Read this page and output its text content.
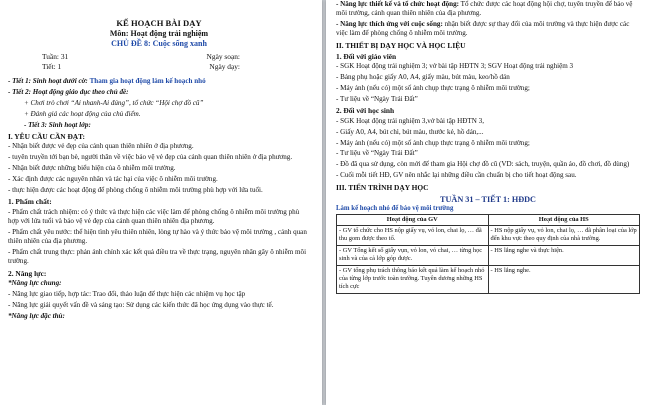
KẾ HOẠCH BÀI DẠY
Môn: Hoạt động trải nghiệm
CHỦ ĐỀ 8: Cuộc sống xanh
Tuần: 31	Ngày soạn:
Tiết: 1	Ngày dạy:

- Tiết 1: Sinh hoạt dưới cờ: Tham gia hoạt động làm kế hoạch nhỏ

- Tiết 2: Hoạt động giáo dục theo chủ đề:

+ Chơi trò chơi “Ai nhanh-Ai đúng”, tổ chức “Hội chợ đồ cũ”

+ Đánh giá các hoạt động của chủ điểm.

- Tiết 3: Sinh hoạt lớp:

I. YÊU CẦU CẦN ĐẠT:

- Nhận biết được vẻ đẹp của cảnh quan thiên nhiên ở địa phương.

- tuyên truyền tới bạn bè, người thân về việc bảo vệ vẻ đẹp của cảnh quan thiên nhiên ở địa phương.

- Nhận biết được những biểu hiện của ô nhiễm môi trường.

- Xác định được các nguyên nhân và tác hại của việc ô nhiễm môi trường.

- thực hiện được các hoạt động để phòng chống ô nhiễm môi trường phù hợp với lứa tuổi.

1. Phẩm chất:

- Phẩm chất trách nhiệm: có ý thức và thực hiện các việc làm để phòng chống ô nhiễm môi trường phù hợp với lứa tuổi và bảo vệ vẻ đẹp của cảnh quan thiên nhiên địa phương.

- Phẩm chất yêu nước: thể hiện tình yêu thiên nhiên, lòng tự hào và ý thức bảo vệ môi trường , cảnh quan thiên nhiên của địa phương.

- Phẩm chất trung thực: phản ánh chính xác kết quả điều tra về thực trạng, nguyên nhân gây ô nhiễm môi trường.

2. Năng lực:

*Năng lực chung:

- Năng lực giao tiếp, hợp tác: Trao đổi, thảo luận để thực hiện các nhiệm vụ học tập

- Năng lực giải quyết vấn đề và sáng tạo: Sử dụng các kiến thức đã học ứng dụng vào thực tế.

*Năng lực đặc thù:

- Năng lực thiết kế và tổ chức hoạt động: Tổ chức được các hoạt động hội chợ, tuyên truyền để bảo vệ môi trường, cảnh quan thiên nhiên của địa phương.

- Năng lực thích ứng với cuộc sống: nhận biết được sự thay đổi của môi trường và thực hiện được các việc làm để phòng chống ô nhiễm môi trường.

II. THIẾT BỊ DẠY HỌC VÀ HỌC LIỆU
1. Đối với giáo viên

- SGK Hoạt động trải nghiệm 3; vở bài tập HĐTN 3; SGV Hoạt động trải nghiệm 3

- Bảng phụ hoặc giấy A0, A4, giấy màu, bút màu, keo/hồ dán

- Máy ảnh (nếu có) một số ảnh chụp thực trạng ô nhiễm môi trường;

- Tư liệu về “Ngày Trái Đất”

2. Đối với học sinh

- SGK Hoạt động trải nghiệm 3,vở bài tập HĐTN 3,

- Giấy A0, A4, bút chì, bút màu, thước kẻ, hồ dán,...

- Máy ảnh (nếu có) một số ảnh chụp thực trạng ô nhiễm môi trường;

- Tư liệu về “Ngày Trái Đất”

- Đồ đã qua sử dụng, còn mới để tham gia Hội chợ đồ cũ (VD: sách, truyện, quần áo, đồ chơi, đồ dùng)

- Cuối mỗi tiết HĐ, GV nên nhắc lại những điều cần chuẩn bị cho tiết hoạt động sau.

III. TIẾN TRÌNH DẠY HỌC
TUẦN 31 – TIẾT 1: HĐDC
Làm kế hoạch nhỏ để bảo vệ môi trường
Hoạt động của GV	Hoạt động của HS
- GV tổ chức cho HS nộp giấy vụ, vỏ lon, chai lọ, … đã thu gom được theo tổ.	- HS nộp giấy vụ, vỏ lon, chai lọ, … đã phân loại của lớp đến khu vực theo quy định của nhà trường.
- GV Tổng kết số giấy vụn, vỏ lon, vỏ chai, … từng học sinh và của cả lớp góp được.	- HS lắng nghe và thực hiện.
- GV tổng phụ trách thông báo kết quả làm kế hoạch nhỏ của từng lớp trước toàn trường. Tuyên dương những HS tích cực	- HS lắng nghe.
